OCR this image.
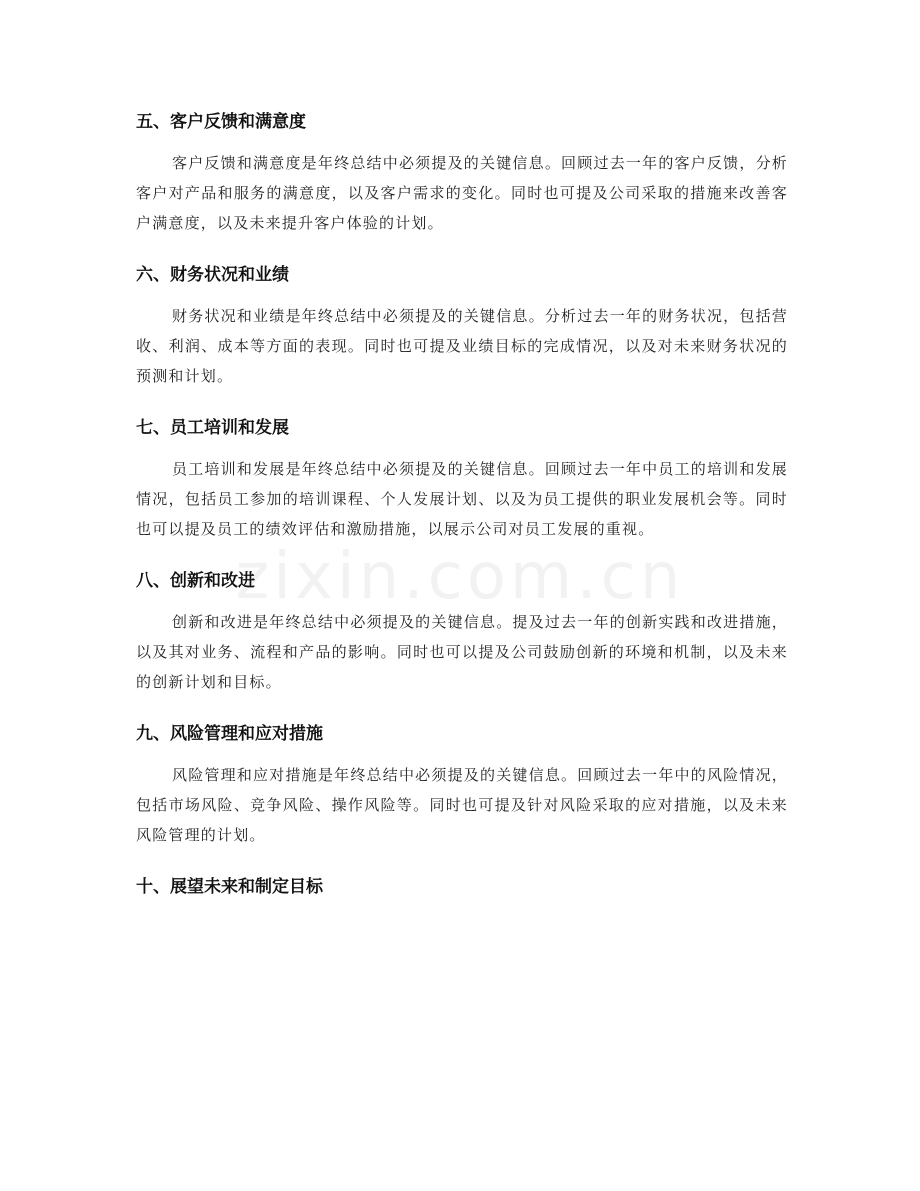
zixin.com.cn
五、客户反馈和满意度

客户反馈和满意度是年终总结中必须提及的关键信息。回顾过去一年的客户反馈，分析客户对产品和服务的满意度，以及客户需求的变化。同时也可提及公司采取的措施来改善客户满意度，以及未来提升客户体验的计划。

六、财务状况和业绩

财务状况和业绩是年终总结中必须提及的关键信息。分析过去一年的财务状况，包括营收、利润、成本等方面的表现。同时也可提及业绩目标的完成情况，以及对未来财务状况的预测和计划。

七、员工培训和发展

员工培训和发展是年终总结中必须提及的关键信息。回顾过去一年中员工的培训和发展情况，包括员工参加的培训课程、个人发展计划、以及为员工提供的职业发展机会等。同时也可以提及员工的绩效评估和激励措施，以展示公司对员工发展的重视。

八、创新和改进

创新和改进是年终总结中必须提及的关键信息。提及过去一年的创新实践和改进措施，以及其对业务、流程和产品的影响。同时也可以提及公司鼓励创新的环境和机制，以及未来的创新计划和目标。

九、风险管理和应对措施

风险管理和应对措施是年终总结中必须提及的关键信息。回顾过去一年中的风险情况，包括市场风险、竞争风险、操作风险等。同时也可提及针对风险采取的应对措施，以及未来风险管理的计划。

十、展望未来和制定目标
